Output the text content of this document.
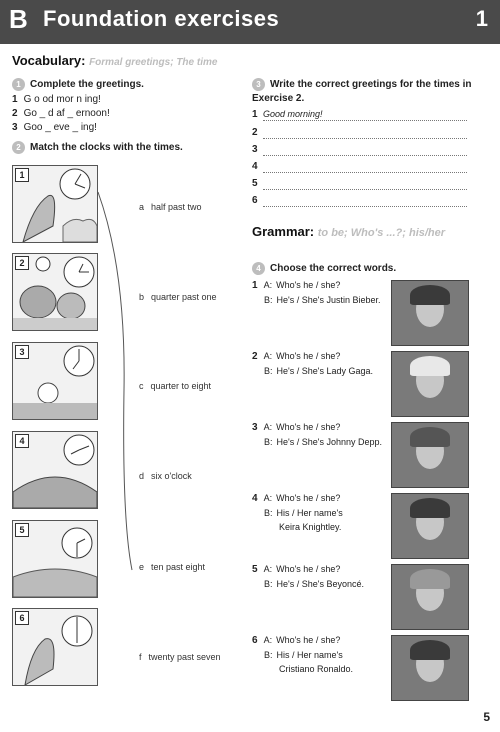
B Foundation exercises	1
Vocabulary: Formal greetings; The time
1 Complete the greetings.
1 G o od mor n ing!
2 Go _ d af _ ernoon!
3 Goo _ eve _ ing!
2 Match the clocks with the times.
1
2
3
4
5
6
a half past two
b quarter past one
c quarter to eight
d six o'clock
e ten past eight
f twenty past seven
3 Write the correct greetings for the times in Exercise 2.
1 Good morning!
2
3
4
5
6
Grammar: to be; Who's ...?; his/her
4 Choose the correct words.
1 A: Who's he / she?
B: He's / She's Justin Bieber.
2 A: Who's he / she?
B: He's / She's Lady Gaga.
3 A: Who's he / she?
B: He's / She's Johnny Depp.
4 A: Who's he / she?
B: His / Her name's
Keira Knightley.
5 A: Who's he / she?
B: He's / She's Beyoncé.
6 A: Who's he / she?
B: His / Her name's
Cristiano Ronaldo.
5
